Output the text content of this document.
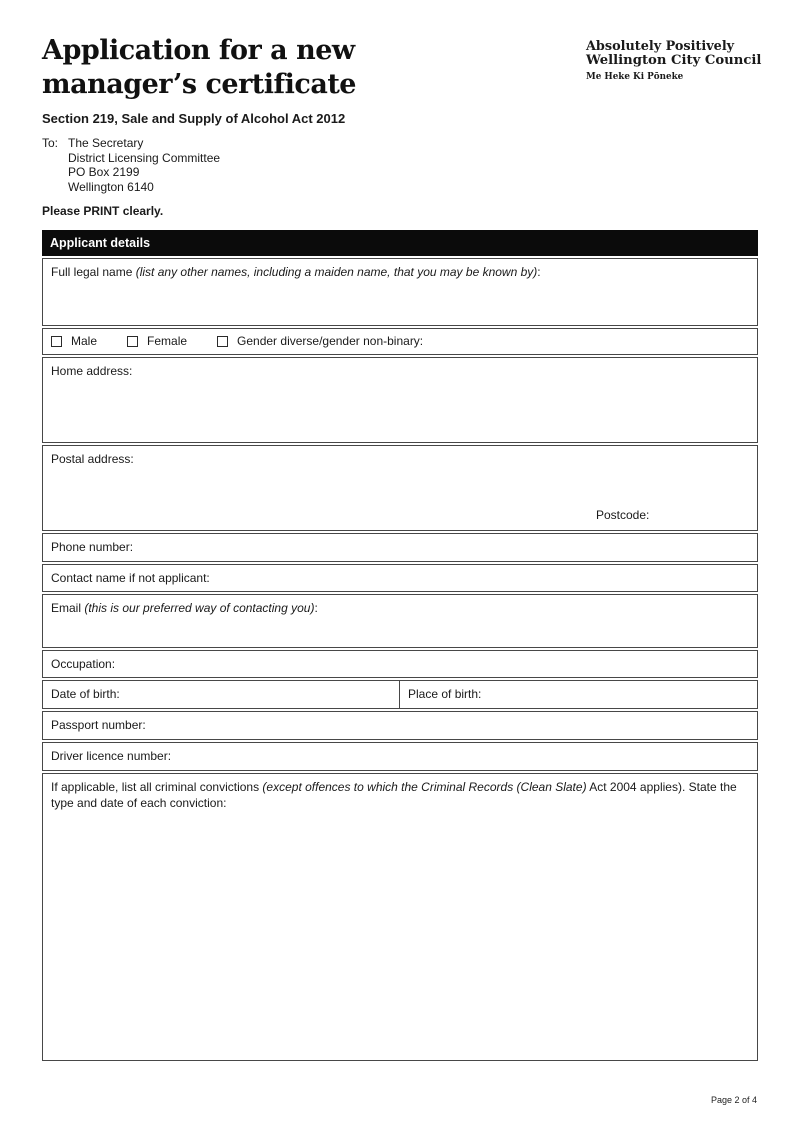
Application for a new
manager’s certificate
Absolutely Positively
Wellington City Council
Me Heke Ki Pōneke
Section 219, Sale and Supply of Alcohol Act 2012
To: The Secretary
District Licensing Committee
PO Box 2199
Wellington 6140
Please PRINT clearly.
Applicant details
Full legal name (list any other names, including a maiden name, that you may be known by):
Male	Female	Gender diverse/gender non-binary:
Home address:
Postal address:
Postcode:
Phone number:
Contact name if not applicant:
Email (this is our preferred way of contacting you):
Occupation:
Date of birth:	Place of birth:
Passport number:
Driver licence number:
If applicable, list all criminal convictions (except offences to which the Criminal Records (Clean Slate) Act 2004 applies). State the type and date of each conviction:
Page 2 of 4
